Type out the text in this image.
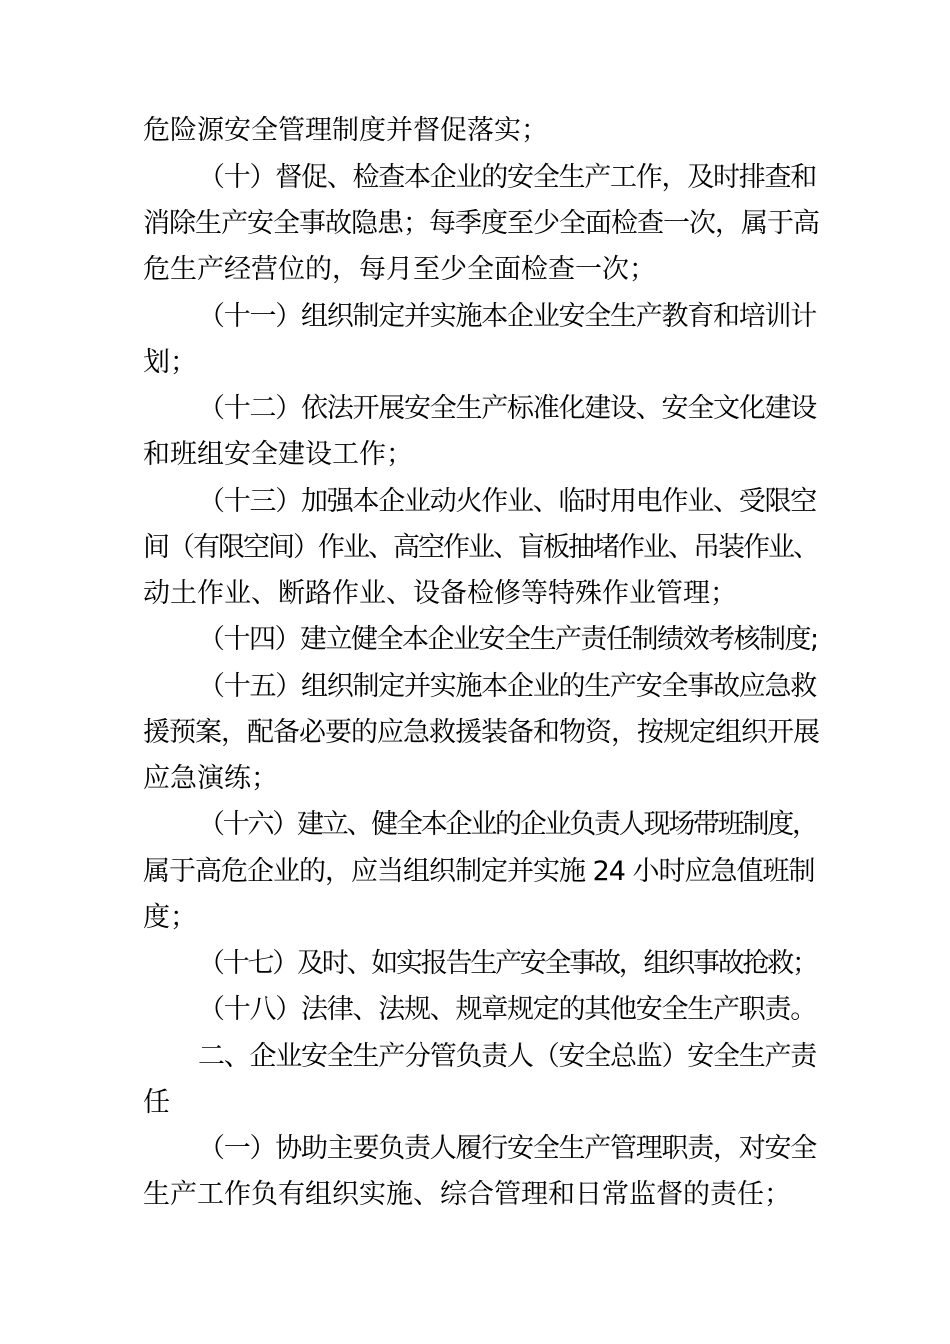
危险源安全管理制度并督促落实；
（十）督促、检查本企业的安全生产工作，及时排查和
消除生产安全事故隐患；每季度至少全面检查一次，属于高
危生产经营位的，每月至少全面检查一次；
（十一）组织制定并实施本企业安全生产教育和培训计
划；
（十二）依法开展安全生产标准化建设、安全文化建设
和班组安全建设工作；
（十三）加强本企业动火作业、临时用电作业、受限空
间（有限空间）作业、高空作业、盲板抽堵作业、吊装作业、
动土作业、断路作业、设备检修等特殊作业管理；
（十四）建立健全本企业安全生产责任制绩效考核制度;
（十五）组织制定并实施本企业的生产安全事故应急救
援预案，配备必要的应急救援装备和物资，按规定组织开展
应急演练；
（十六）建立、健全本企业的企业负责人现场带班制度，
属于高危企业的，应当组织制定并实施 24 小时应急值班制
度；
（十七）及时、如实报告生产安全事故，组织事故抢救；
（十八）法律、法规、规章规定的其他安全生产职责。
二、企业安全生产分管负责人（安全总监）安全生产责
任
（一）协助主要负责人履行安全生产管理职责，对安全
生产工作负有组织实施、综合管理和日常监督的责任；
